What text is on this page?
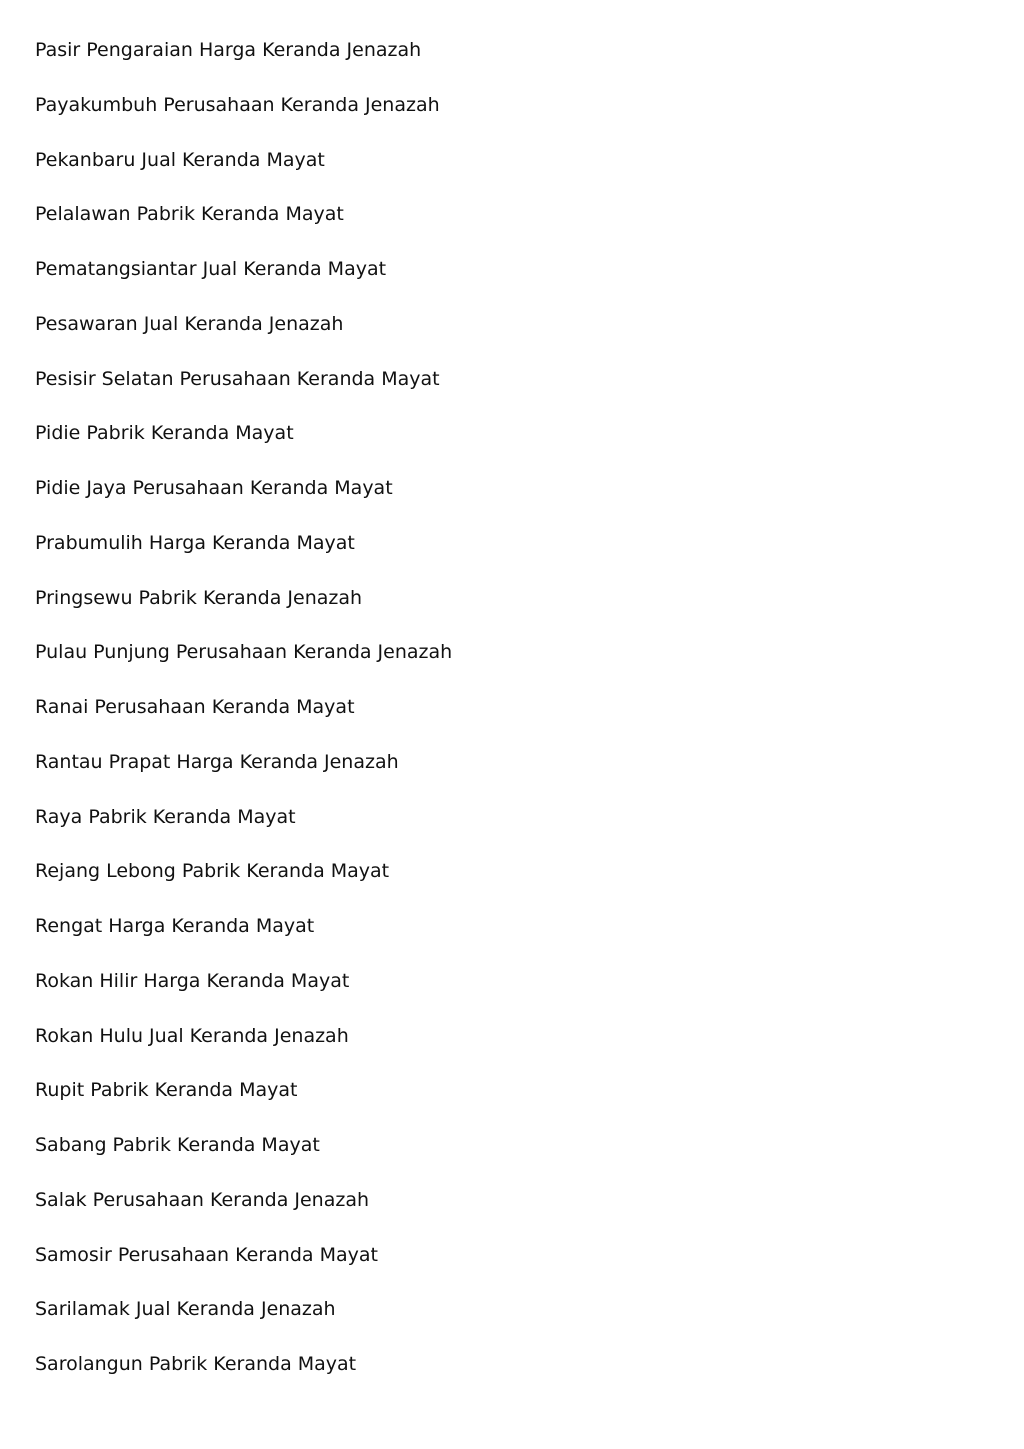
Pasir Pengaraian Harga Keranda Jenazah
Payakumbuh Perusahaan Keranda Jenazah
Pekanbaru Jual Keranda Mayat
Pelalawan Pabrik Keranda Mayat
Pematangsiantar Jual Keranda Mayat
Pesawaran Jual Keranda Jenazah
Pesisir Selatan Perusahaan Keranda Mayat
Pidie Pabrik Keranda Mayat
Pidie Jaya Perusahaan Keranda Mayat
Prabumulih Harga Keranda Mayat
Pringsewu Pabrik Keranda Jenazah
Pulau Punjung Perusahaan Keranda Jenazah
Ranai Perusahaan Keranda Mayat
Rantau Prapat Harga Keranda Jenazah
Raya Pabrik Keranda Mayat
Rejang Lebong Pabrik Keranda Mayat
Rengat Harga Keranda Mayat
Rokan Hilir Harga Keranda Mayat
Rokan Hulu Jual Keranda Jenazah
Rupit Pabrik Keranda Mayat
Sabang Pabrik Keranda Mayat
Salak Perusahaan Keranda Jenazah
Samosir Perusahaan Keranda Mayat
Sarilamak Jual Keranda Jenazah
Sarolangun Pabrik Keranda Mayat
